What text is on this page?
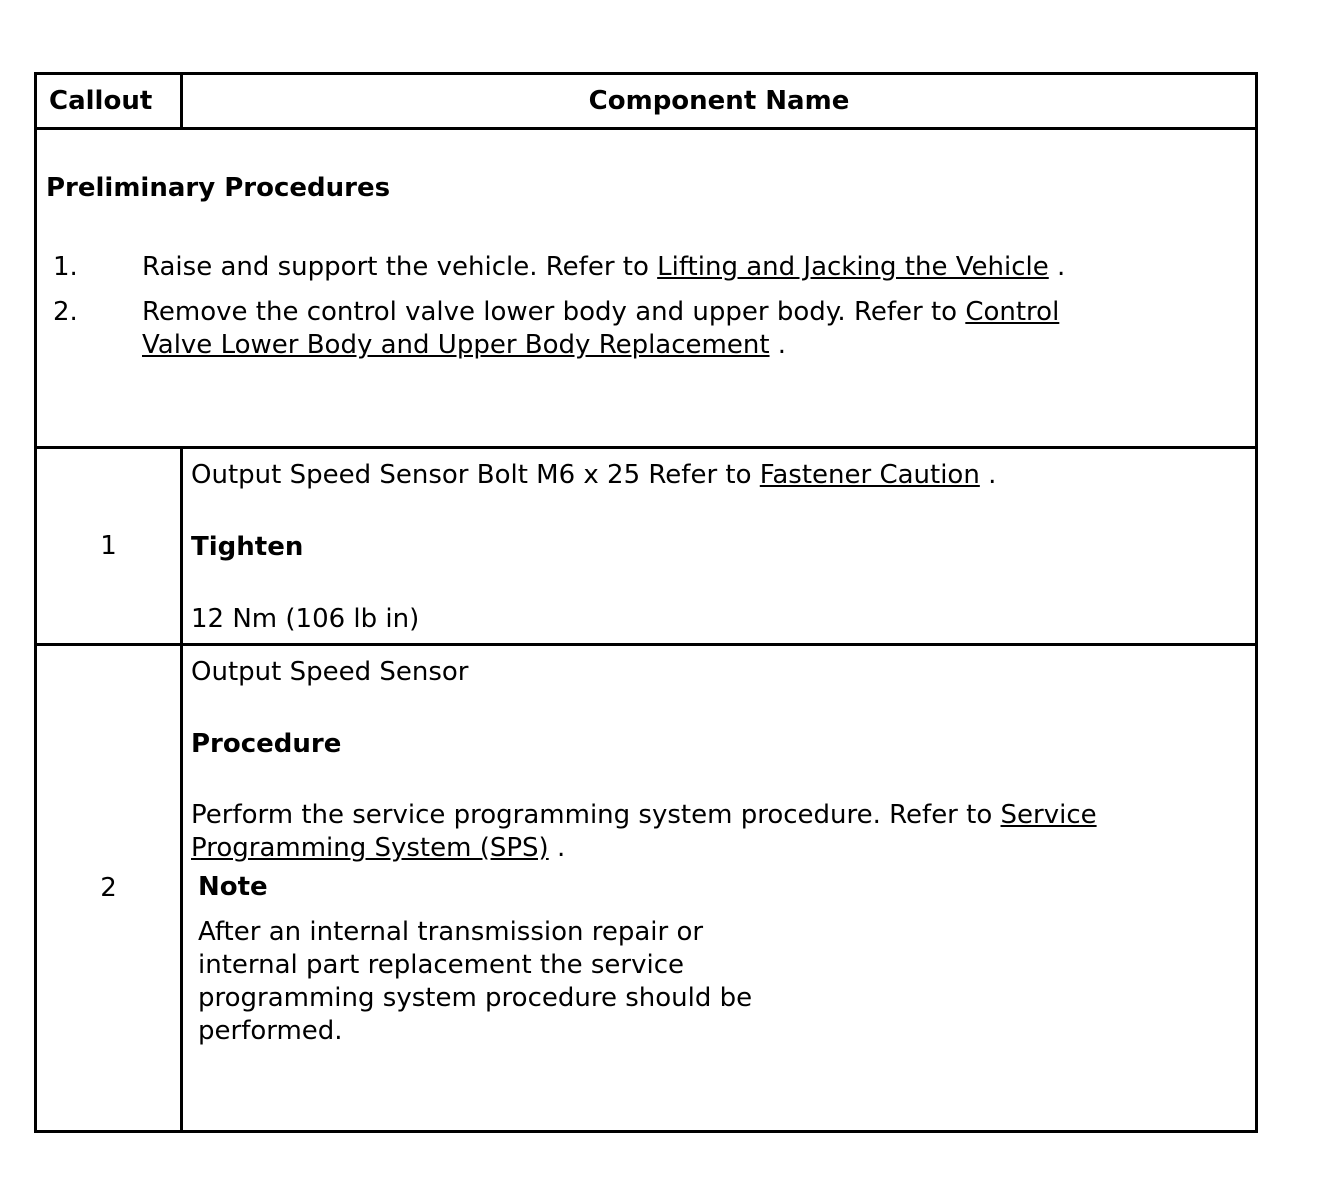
Callout	Component Name

Preliminary Procedures
1. Raise and support the vehicle. Refer to Lifting and Jacking the Vehicle .
2. Remove the control valve lower body and upper body. Refer to Control Valve Lower Body and Upper Body Replacement .	

1	Output Speed Sensor Bolt M6 x 25 Refer to Fastener Caution .
Tighten
12 Nm (106 lb in)

2	Output Speed Sensor
Procedure
Perform the service programming system procedure. Refer to Service Programming System (SPS) .
Note
After an internal transmission repair or internal part replacement the service programming system procedure should be performed.
